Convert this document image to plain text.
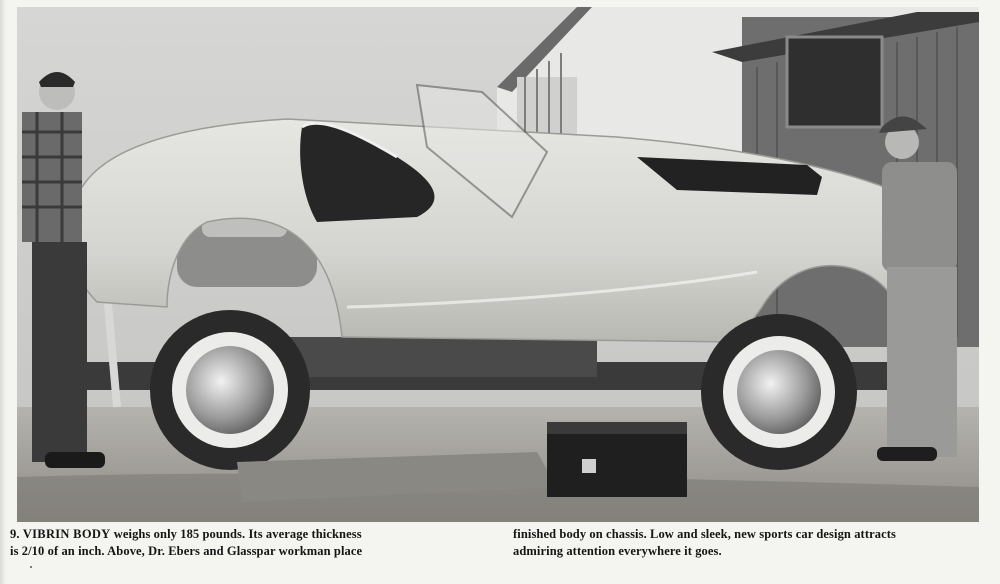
9. VIBRIN BODY weighs only 185 pounds. Its average thickness
is 2/10 of an inch. Above, Dr. Ebers and Glasspar workman place
finished body on chassis. Low and sleek, new sports car design attracts
admiring attention everywhere it goes.
